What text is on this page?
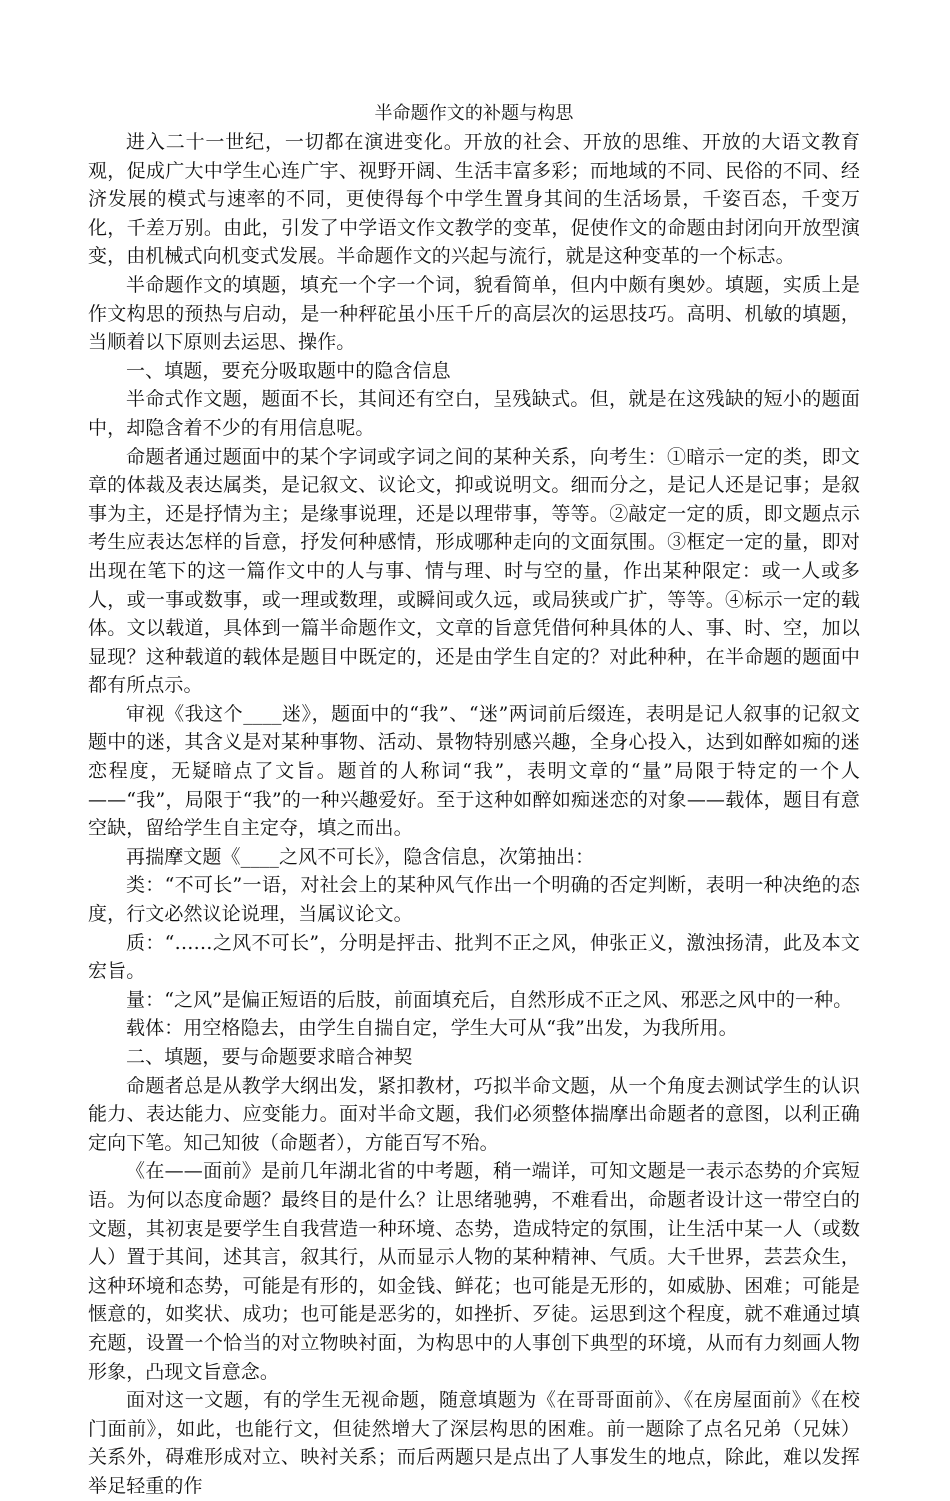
半命题作文的补题与构思

进入二十一世纪，一切都在演进变化。开放的社会、开放的思维、开放的大语文教育观，促成广大中学生心连广宇、视野开阔、生活丰富多彩；而地域的不同、民俗的不同、经济发展的模式与速率的不同，更使得每个中学生置身其间的生活场景，千姿百态，千变万化，千差万别。由此，引发了中学语文作文教学的变革，促使作文的命题由封闭向开放型演变，由机械式向机变式发展。半命题作文的兴起与流行，就是这种变革的一个标志。

半命题作文的填题，填充一个字一个词，貌看简单，但内中颇有奥妙。填题，实质上是作文构思的预热与启动，是一种秤砣虽小压千斤的高层次的运思技巧。高明、机敏的填题，当顺着以下原则去运思、操作。

一、填题，要充分吸取题中的隐含信息

半命式作文题，题面不长，其间还有空白，呈残缺式。但，就是在这残缺的短小的题面中，却隐含着不少的有用信息呢。

命题者通过题面中的某个字词或字词之间的某种关系，向考生：①暗示一定的类，即文章的体裁及表达属类，是记叙文、议论文，抑或说明文。细而分之，是记人还是记事；是叙事为主，还是抒情为主；是缘事说理，还是以理带事，等等。②敲定一定的质，即文题点示考生应表达怎样的旨意，抒发何种感情，形成哪种走向的文面氛围。③框定一定的量，即对出现在笔下的这一篇作文中的人与事、情与理、时与空的量，作出某种限定：或一人或多人，或一事或数事，或一理或数理，或瞬间或久远，或局狭或广扩，等等。④标示一定的载体。文以载道，具体到一篇半命题作文，文章的旨意凭借何种具体的人、事、时、空，加以显现？这种载道的载体是题目中既定的，还是由学生自定的？对此种种，在半命题的题面中都有所点示。

审视《我这个____迷》，题面中的“我”、“迷”两词前后缀连，表明是记人叙事的记叙文题中的迷，其含义是对某种事物、活动、景物特别感兴趣，全身心投入，达到如醉如痴的迷恋程度，无疑暗点了文旨。题首的人称词“我”，表明文章的“量”局限于特定的一个人——“我”，局限于“我”的一种兴趣爱好。至于这种如醉如痴迷恋的对象——载体，题目有意空缺，留给学生自主定夺，填之而出。

再揣摩文题《____之风不可长》，隐含信息，次第抽出：

类：“不可长”一语，对社会上的某种风气作出一个明确的否定判断，表明一种决绝的态度，行文必然议论说理，当属议论文。

质：“……之风不可长”，分明是抨击、批判不正之风，伸张正义，激浊扬清，此及本文宏旨。

量：“之风”是偏正短语的后肢，前面填充后，自然形成不正之风、邪恶之风中的一种。

载体：用空格隐去，由学生自揣自定，学生大可从“我”出发，为我所用。

二、填题，要与命题要求暗合神契

命题者总是从教学大纲出发，紧扣教材，巧拟半命文题，从一个角度去测试学生的认识能力、表达能力、应变能力。面对半命文题，我们必须整体揣摩出命题者的意图，以利正确定向下笔。知己知彼（命题者），方能百写不殆。

《在——面前》是前几年湖北省的中考题，稍一端详，可知文题是一表示态势的介宾短语。为何以态度命题？最终目的是什么？让思绪驰骋，不难看出，命题者设计这一带空白的文题，其初衷是要学生自我营造一种环境、态势，造成特定的氛围，让生活中某一人（或数人）置于其间，述其言，叙其行，从而显示人物的某种精神、气质。大千世界，芸芸众生，这种环境和态势，可能是有形的，如金钱、鲜花；也可能是无形的，如威胁、困难；可能是惬意的，如奖状、成功；也可能是恶劣的，如挫折、歹徒。运思到这个程度，就不难通过填充题，设置一个恰当的对立物映衬面，为构思中的人事创下典型的环境，从而有力刻画人物形象，凸现文旨意念。

面对这一文题，有的学生无视命题，随意填题为《在哥哥面前》、《在房屋面前》《在校门面前》，如此，也能行文，但徒然增大了深层构思的困难。前一题除了点名兄弟（兄妹）关系外，碍难形成对立、映衬关系；而后两题只是点出了人事发生的地点，除此，难以发挥举足轻重的作
